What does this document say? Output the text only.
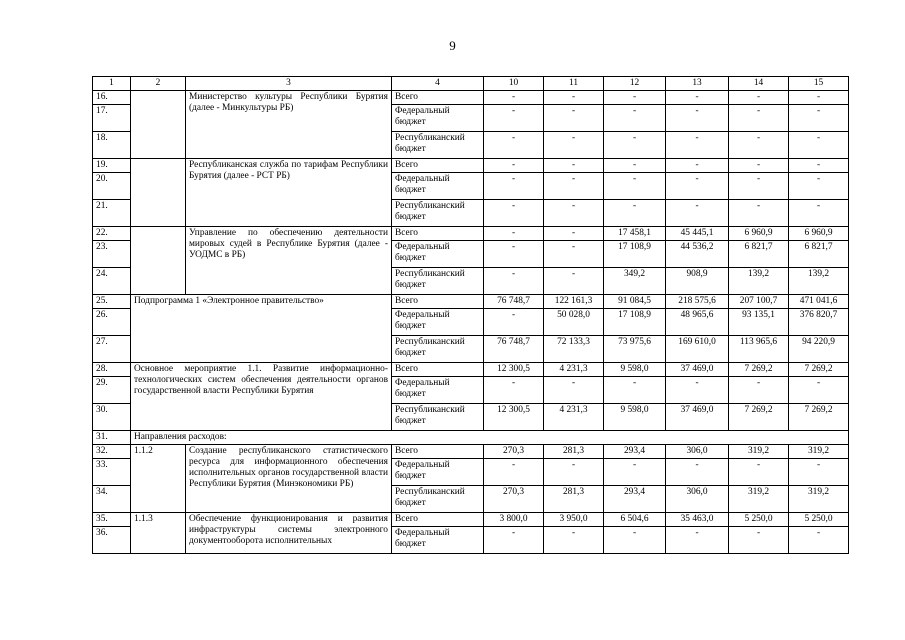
9
1	2	3	4	10	11	12	13	14	15
16.		Министерство культуры Республики Бурятия (далее - Минкультуры РБ)	Всего	-	-	-	-	-	-
17.			Федеральный бюджет	-	-	-	-	-	-
18.			Республиканский бюджет	-	-	-	-	-	-
19.		Республиканская служба по тарифам Республики Бурятия (далее - РСТ РБ)	Всего	-	-	-	-	-	-
20.			Федеральный бюджет	-	-	-	-	-	-
21.			Республиканский бюджет	-	-	-	-	-	-
22.		Управление по обеспечению деятельности мировых судей в Республике Бурятия (далее - УОДМС в РБ)	Всего	-	-	17 458,1	45 445,1	6 960,9	6 960,9
23.			Федеральный бюджет	-	-	17 108,9	44 536,2	6 821,7	6 821,7
24.			Республиканский бюджет	-	-	349,2	908,9	139,2	139,2
25.	Подпрограмма 1 «Электронное правительство»		Всего	76 748,7	122 161,3	91 084,5	218 575,6	207 100,7	471 041,6
26.			Федеральный бюджет	-	50 028,0	17 108,9	48 965,6	93 135,1	376 820,7
27.			Республиканский бюджет	76 748,7	72 133,3	73 975,6	169 610,0	113 965,6	94 220,9
28.	Основное мероприятие 1.1. Развитие информационно-технологических систем обеспечения деятельности органов государственной власти Республики Бурятия		Всего	12 300,5	4 231,3	9 598,0	37 469,0	7 269,2	7 269,2
29.			Федеральный бюджет	-	-	-	-	-	-
30.			Республиканский бюджет	12 300,5	4 231,3	9 598,0	37 469,0	7 269,2	7 269,2
31.	Направления расходов:								
32.	1.1.2	Создание республиканского статистического ресурса для информационного обеспечения исполнительных органов государственной власти Республики Бурятия (Минэкономики РБ)	Всего	270,3	281,3	293,4	306,0	319,2	319,2
33.			Федеральный бюджет	-	-	-	-	-	-
34.			Республиканский бюджет	270,3	281,3	293,4	306,0	319,2	319,2
35.	1.1.3	Обеспечение функционирования и развития инфраструктуры системы электронного документооборота исполнительных	Всего	3 800,0	3 950,0	6 504,6	35 463,0	5 250,0	5 250,0
36.			Федеральный бюджет	-	-	-	-	-	-
